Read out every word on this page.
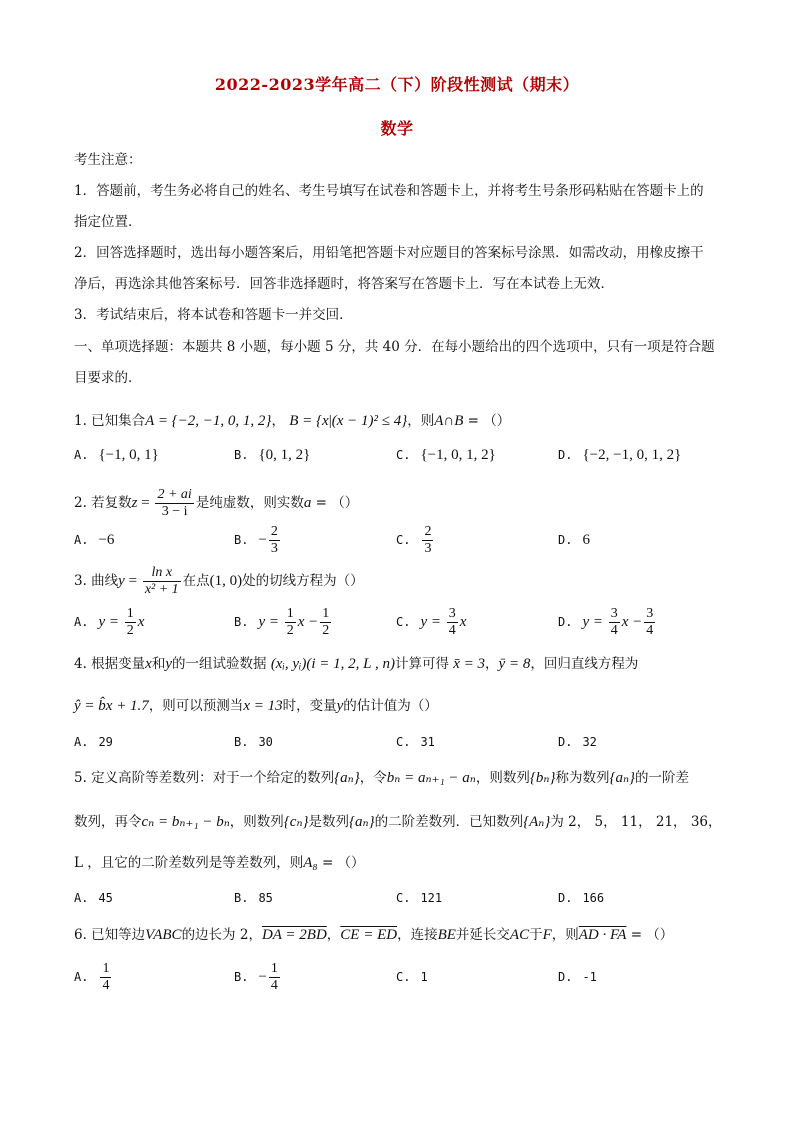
2022-2023学年高二（下）阶段性测试（期末）
数学
考生注意：
1．答题前，考生务必将自己的姓名、考生号填写在试卷和答题卡上，并将考生号条形码粘贴在答题卡上的
指定位置．
2．回答选择题时，选出每小题答案后，用铅笔把答题卡对应题目的答案标号涂黑．如需改动，用橡皮擦干
净后，再选涂其他答案标号．回答非选择题时，将答案写在答题卡上．写在本试卷上无效．
3．考试结束后，将本试卷和答题卡一并交回．
一、单项选择题：本题共 8 小题，每小题 5 分，共 40 分．在每小题给出的四个选项中，只有一项是符合题
目要求的．
1. 已知集合A = {−2, −1, 0, 1, 2}， B = {x|(x − 1)² ≤ 4}，则A∩B = （）
A. {−1, 0, 1}	B. {0, 1, 2}	C. {−1, 0, 1, 2}	D. {−2, −1, 0, 1, 2}
2. 若复数$z = \frac{2 + ai}{3 - i}$ 是纯虚数，则实数a = （）
A. −6	B. − $\frac{2}{3}$	C. $\frac{2}{3}$	D. 6
3. 曲线$y = \frac{\text{ln x}}{\text{x² + 1}}$ 在点(1, 0)处的切线方程为（）
A. $y = \frac{1}{2}$ x	B. $y = \frac{1}{2}$ $x - \frac{1}{2}$	C. $y = \frac{3}{4}$ x	D. $y = \frac{3}{4}$ $x - \frac{3}{4}$
4. 根据变量x和y的一组试验数据 (xᵢ, yᵢ)(i = 1, 2, L , n)计算可得 x̄ = 3，ȳ = 8，回归直线方程为
ŷ = b̂x + 1.7，则可以预测当x = 13时，变量y的估计值为（）
A. 29	B. 30	C. 31	D. 32
5. 定义高阶等差数列：对于一个给定的数列{aₙ}，令bₙ = aₙ₊₁ − aₙ，则数列{bₙ}称为数列{aₙ}的一阶差
数列，再令cₙ = bₙ₊₁ − bₙ，则数列{cₙ}是数列{aₙ}的二阶差数列．已知数列{Aₙ}为 2， 5， 11， 21， 36，
L ，且它的二阶差数列是等差数列，则A₈ = （）
A. 45	B. 85	C. 121	D. 166
6. 已知等边VABC的边长为 2，DA = 2BD，CE = ED，连接BE并延长交AC于F，则AD · FA = （）
A. $\frac{1}{4}$	B. − $\frac{1}{4}$	C. 1	D. -1
